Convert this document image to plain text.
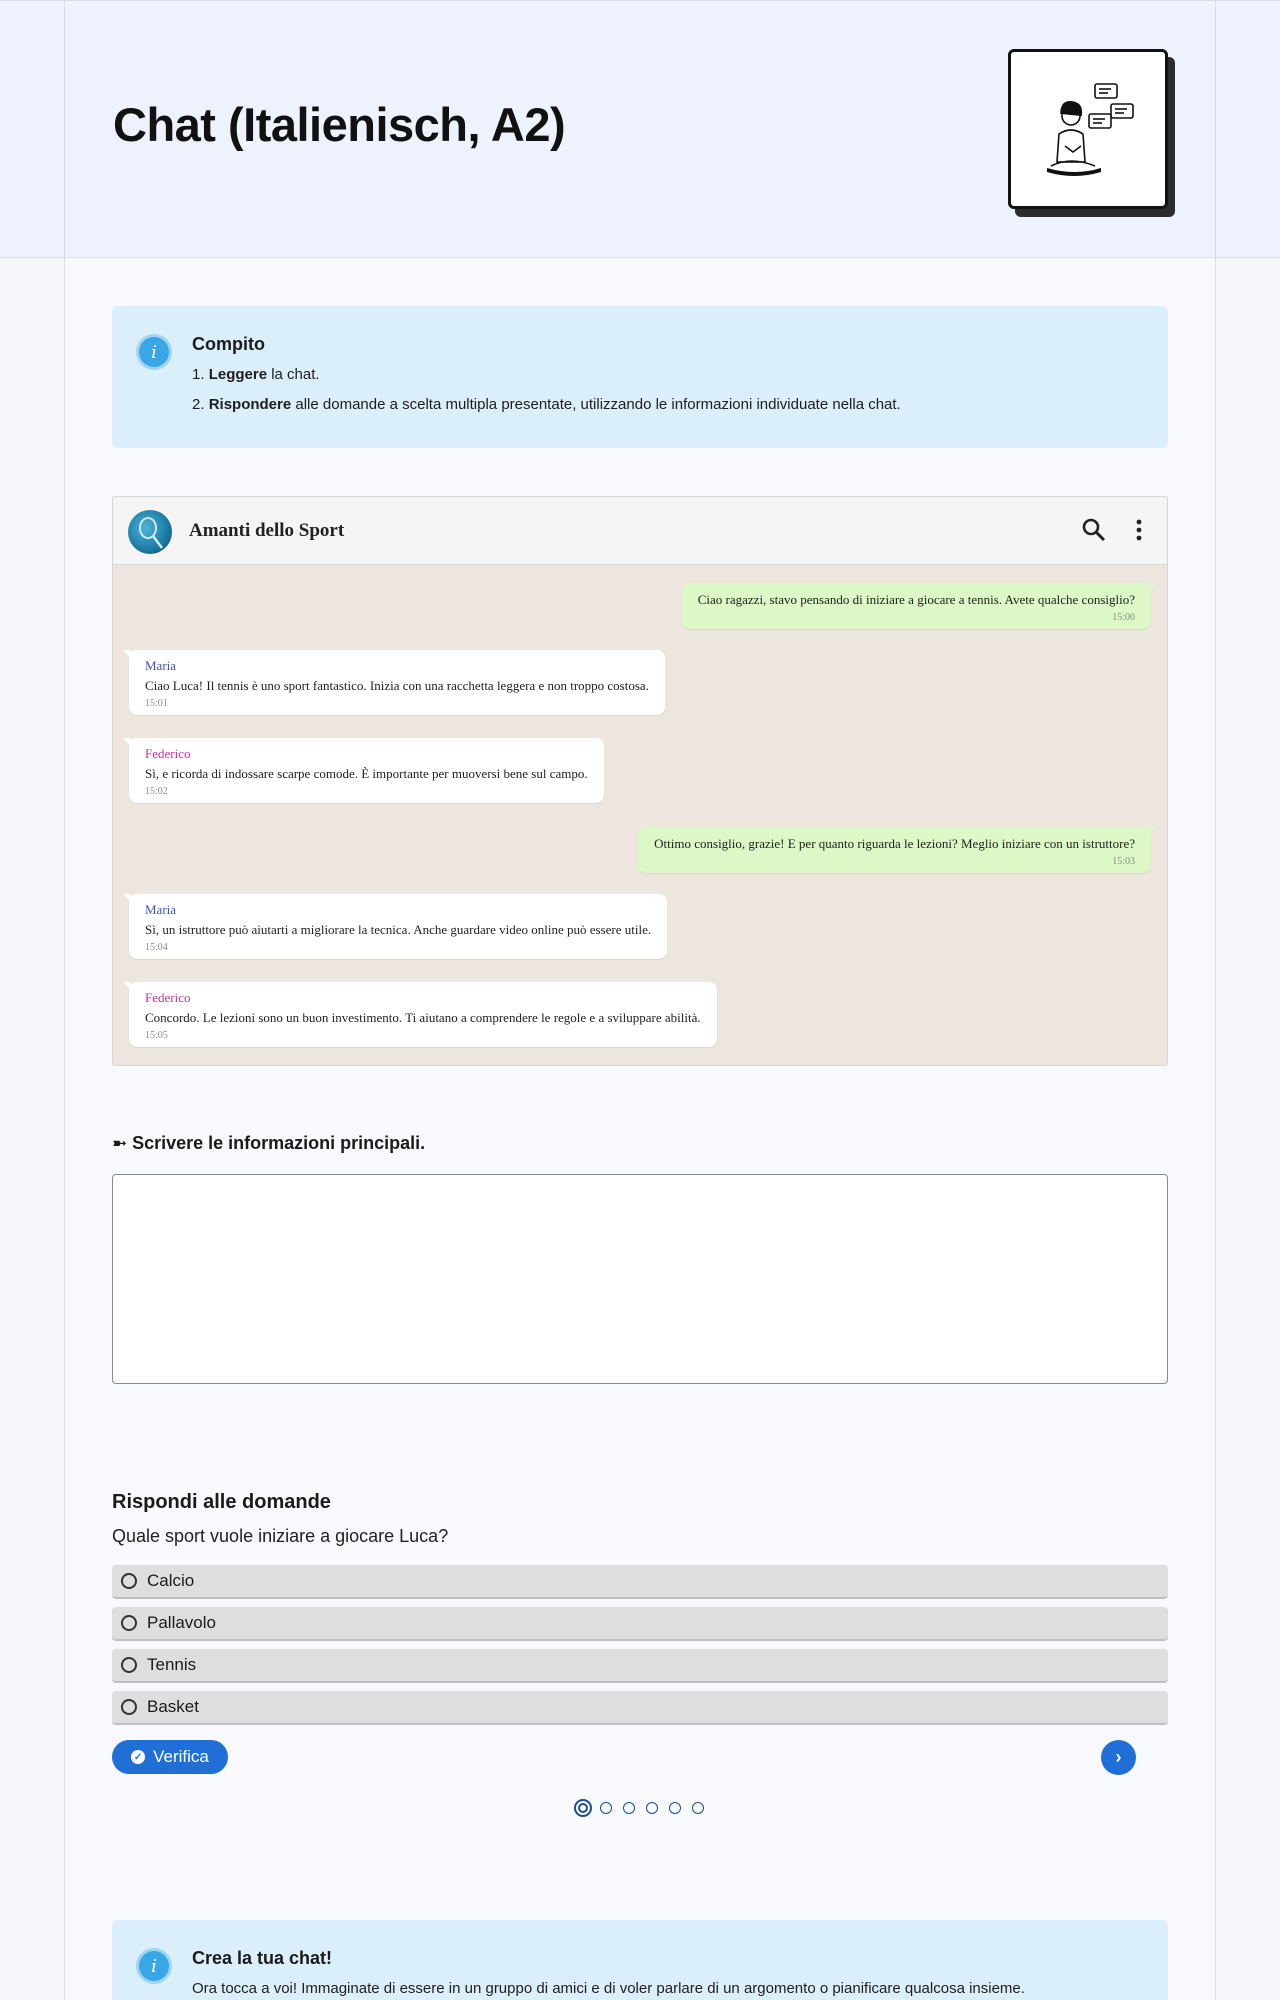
Chat (Italienisch, A2)
i	Compito
1. Leggere la chat.
2. Rispondere alle domande a scelta multipla presentate, utilizzando le informazioni individuate nella chat.
Amanti dello Sport
Ciao ragazzi, stavo pensando di iniziare a giocare a tennis. Avete qualche consiglio?
15:00
Maria
Ciao Luca! Il tennis è uno sport fantastico. Inizia con una racchetta leggera e non troppo costosa.
15:01
Federico
Sì, e ricorda di indossare scarpe comode. È importante per muoversi bene sul campo.
15:02
Ottimo consiglio, grazie! E per quanto riguarda le lezioni? Meglio iniziare con un istruttore?
15:03
Maria
Sì, un istruttore può aiutarti a migliorare la tecnica. Anche guardare video online può essere utile.
15:04
Federico
Concordo. Le lezioni sono un buon investimento. Ti aiutano a comprendere le regole e a sviluppare abilità.
15:05
➼ Scrivere le informazioni principali.
Rispondi alle domande
Quale sport vuole iniziare a giocare Luca?
Calcio
Pallavolo
Tennis
Basket
✓ Verifica	›
i	Crea la tua chat!
Ora tocca a voi! Immaginate di essere in un gruppo di amici e di voler parlare di un argomento o pianificare qualcosa insieme.
